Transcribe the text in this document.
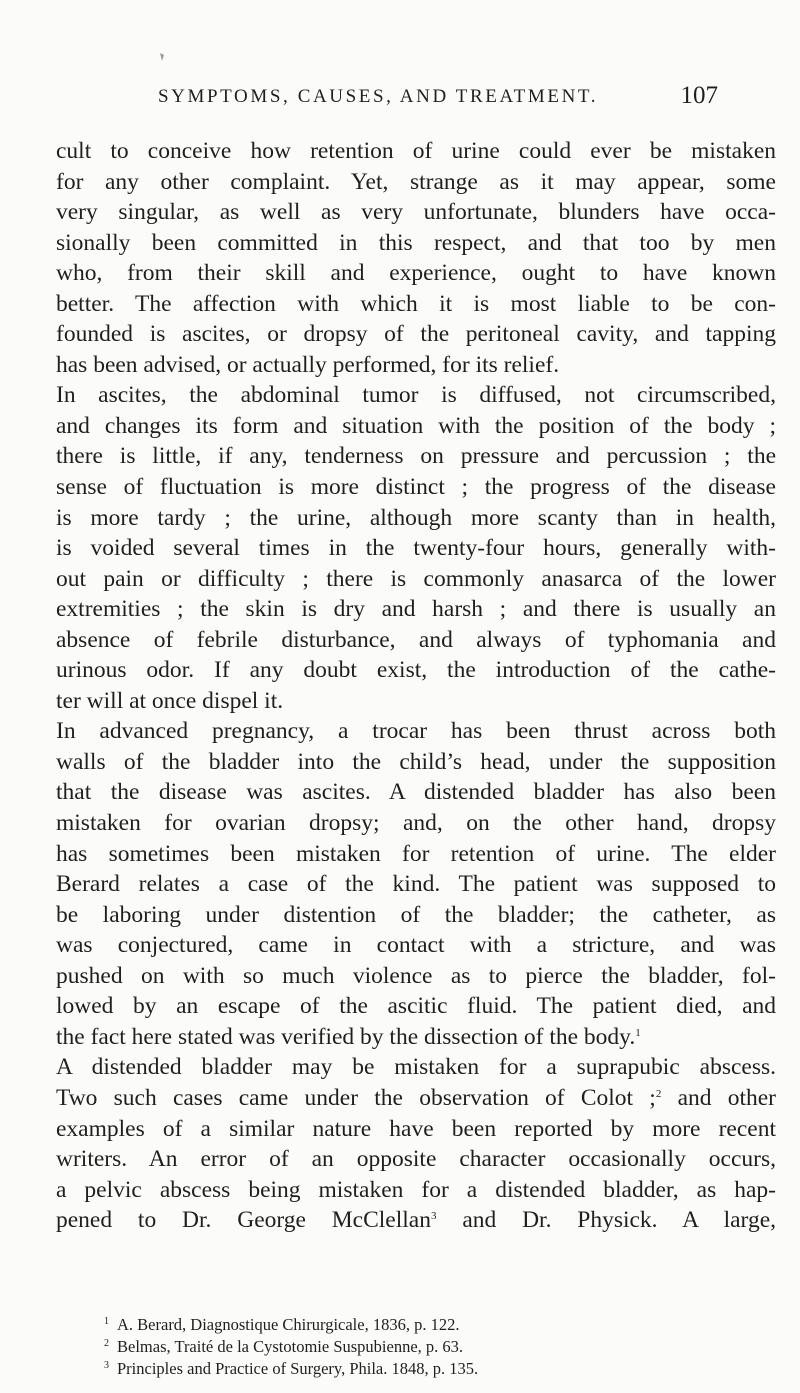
SYMPTOMS, CAUSES, AND TREATMENT.	107
cult to conceive how retention of urine could ever be mistaken
for any other complaint. Yet, strange as it may appear, some
very singular, as well as very unfortunate, blunders have occa-
sionally been committed in this respect, and that too by men
who, from their skill and experience, ought to have known
better. The affection with which it is most liable to be con-
founded is ascites, or dropsy of the peritoneal cavity, and tapping
has been advised, or actually performed, for its relief.
In ascites, the abdominal tumor is diffused, not circumscribed,
and changes its form and situation with the position of the body ;
there is little, if any, tenderness on pressure and percussion ; the
sense of fluctuation is more distinct ; the progress of the disease
is more tardy ; the urine, although more scanty than in health,
is voided several times in the twenty-four hours, generally with-
out pain or difficulty ; there is commonly anasarca of the lower
extremities ; the skin is dry and harsh ; and there is usually an
absence of febrile disturbance, and always of typhomania and
urinous odor. If any doubt exist, the introduction of the cathe-
ter will at once dispel it.
In advanced pregnancy, a trocar has been thrust across both
walls of the bladder into the child’s head, under the supposition
that the disease was ascites. A distended bladder has also been
mistaken for ovarian dropsy; and, on the other hand, dropsy
has sometimes been mistaken for retention of urine. The elder
Berard relates a case of the kind. The patient was supposed to
be laboring under distention of the bladder; the catheter, as
was conjectured, came in contact with a stricture, and was
pushed on with so much violence as to pierce the bladder, fol-
lowed by an escape of the ascitic fluid. The patient died, and
the fact here stated was verified by the dissection of the body.$^1$
A distended bladder may be mistaken for a suprapubic abscess.
Two such cases came under the observation of Colot ;$^2$ and other
examples of a similar nature have been reported by more recent
writers. An error of an opposite character occasionally occurs,
a pelvic abscess being mistaken for a distended bladder, as hap-
pened to Dr. George McClellan$^3$ and Dr. Physick. A large,
$^1$ A. Berard, Diagnostique Chirurgicale, 1836, p. 122.
$^2$ Belmas, Traité de la Cystotomie Suspubienne, p. 63.
$^3$ Principles and Practice of Surgery, Phila. 1848, p. 135.
